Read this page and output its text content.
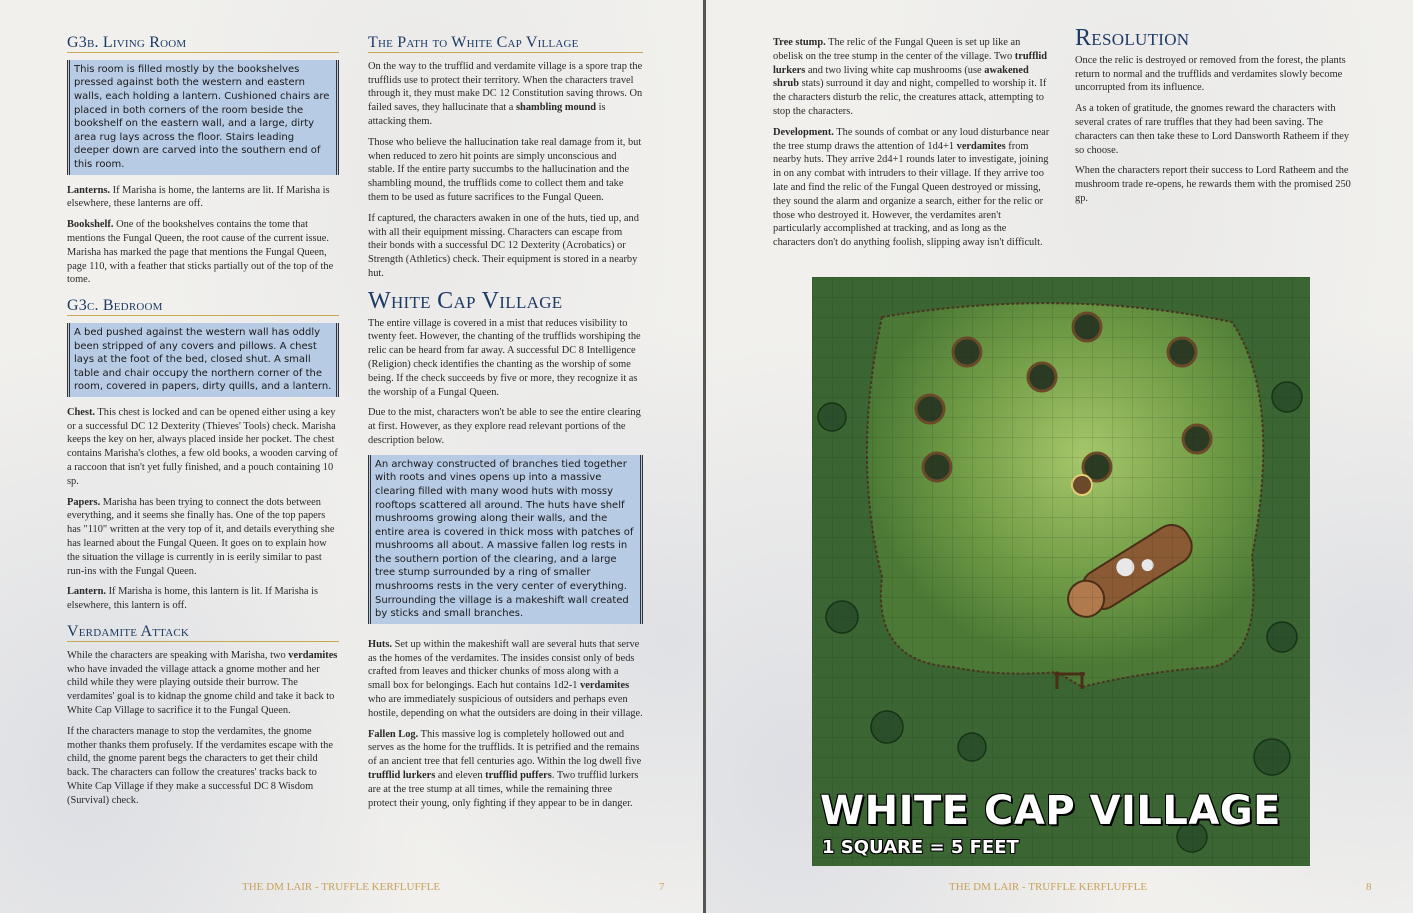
G3b. Living Room
This room is filled mostly by the bookshelves pressed against both the western and eastern walls, each holding a lantern. Cushioned chairs are placed in both corners of the room beside the bookshelf on the eastern wall, and a large, dirty area rug lays across the floor. Stairs leading deeper down are carved into the southern end of this room.

Lanterns. If Marisha is home, the lanterns are lit. If Marisha is elsewhere, these lanterns are off.

Bookshelf. One of the bookshelves contains the tome that mentions the Fungal Queen, the root cause of the current issue. Marisha has marked the page that mentions the Fungal Queen, page 110, with a feather that sticks partially out of the top of the tome.

G3c. Bedroom
A bed pushed against the western wall has oddly been stripped of any covers and pillows. A chest lays at the foot of the bed, closed shut. A small table and chair occupy the northern corner of the room, covered in papers, dirty quills, and a lantern.

Chest. This chest is locked and can be opened either using a key or a successful DC 12 Dexterity (Thieves' Tools) check. Marisha keeps the key on her, always placed inside her pocket. The chest contains Marisha's clothes, a few old books, a wooden carving of a raccoon that isn't yet fully finished, and a pouch containing 10 sp.

Papers. Marisha has been trying to connect the dots between everything, and it seems she finally has. One of the top papers has "110" written at the very top of it, and details everything she has learned about the Fungal Queen. It goes on to explain how the situation the village is currently in is eerily similar to past run-ins with the Fungal Queen.

Lantern. If Marisha is home, this lantern is lit. If Marisha is elsewhere, this lantern is off.

Verdamite Attack

While the characters are speaking with Marisha, two verdamites who have invaded the village attack a gnome mother and her child while they were playing outside their burrow. The verdamites' goal is to kidnap the gnome child and take it back to White Cap Village to sacrifice it to the Fungal Queen.

If the characters manage to stop the verdamites, the gnome mother thanks them profusely. If the verdamites escape with the child, the gnome parent begs the characters to get their child back. The characters can follow the creatures' tracks back to White Cap Village if they make a successful DC 8 Wisdom (Survival) check.

The Path to White Cap Village

On the way to the trufflid and verdamite village is a spore trap the trufflids use to protect their territory. When the characters travel through it, they must make DC 12 Constitution saving throws. On failed saves, they hallucinate that a shambling mound is attacking them.

Those who believe the hallucination take real damage from it, but when reduced to zero hit points are simply unconscious and stable. If the entire party succumbs to the hallucination and the shambling mound, the trufflids come to collect them and take them to be used as future sacrifices to the Fungal Queen.

If captured, the characters awaken in one of the huts, tied up, and with all their equipment missing. Characters can escape from their bonds with a successful DC 12 Dexterity (Acrobatics) or Strength (Athletics) check. Their equipment is stored in a nearby hut.

White Cap Village

The entire village is covered in a mist that reduces visibility to twenty feet. However, the chanting of the trufflids worshiping the relic can be heard from far away. A successful DC 8 Intelligence (Religion) check identifies the chanting as the worship of some being. If the check succeeds by five or more, they recognize it as the worship of a Fungal Queen.

Due to the mist, characters won't be able to see the entire clearing at first. However, as they explore read relevant portions of the description below.

An archway constructed of branches tied together with roots and vines opens up into a massive clearing filled with many wood huts with mossy rooftops scattered all around. The huts have shelf mushrooms growing along their walls, and the entire area is covered in thick moss with patches of mushrooms all about. A massive fallen log rests in the southern portion of the clearing, and a large tree stump surrounded by a ring of smaller mushrooms rests in the very center of everything. Surrounding the village is a makeshift wall created by sticks and small branches.

Huts. Set up within the makeshift wall are several huts that serve as the homes of the verdamites. The insides consist only of beds crafted from leaves and thicker chunks of moss along with a small box for belongings. Each hut contains 1d2-1 verdamites who are immediately suspicious of outsiders and perhaps even hostile, depending on what the outsiders are doing in their village.

Fallen Log. This massive log is completely hollowed out and serves as the home for the trufflids. It is petrified and the remains of an ancient tree that fell centuries ago. Within the log dwell five trufflid lurkers and eleven trufflid puffers. Two trufflid lurkers are at the tree stump at all times, while the remaining three protect their young, only fighting if they appear to be in danger.

THE DM LAIR - TRUFFLE KERFLUFFLE	7

Tree stump. The relic of the Fungal Queen is set up like an obelisk on the tree stump in the center of the village. Two trufflid lurkers and two living white cap mushrooms (use awakened shrub stats) surround it day and night, compelled to worship it. If the characters disturb the relic, the creatures attack, attempting to stop the characters.

Development. The sounds of combat or any loud disturbance near the tree stump draws the attention of 1d4+1 verdamites from nearby huts. They arrive 2d4+1 rounds later to investigate, joining in on any combat with intruders to their village. If they arrive too late and find the relic of the Fungal Queen destroyed or missing, they sound the alarm and organize a search, either for the relic or those who destroyed it. However, the verdamites aren't particularly accomplished at tracking, and as long as the characters don't do anything foolish, slipping away isn't difficult.

Resolution

Once the relic is destroyed or removed from the forest, the plants return to normal and the trufflids and verdamites slowly become uncorrupted from its influence.

As a token of gratitude, the gnomes reward the characters with several crates of rare truffles that they had been saving. The characters can then take these to Lord Dansworth Ratheem if they so choose.

When the characters report their success to Lord Ratheem and the mushroom trade re-opens, he rewards them with the promised 250 gp.

WHITE CAP VILLAGE
1 SQUARE = 5 FEET
THE DM LAIR - TRUFFLE KERFLUFFLE	8
